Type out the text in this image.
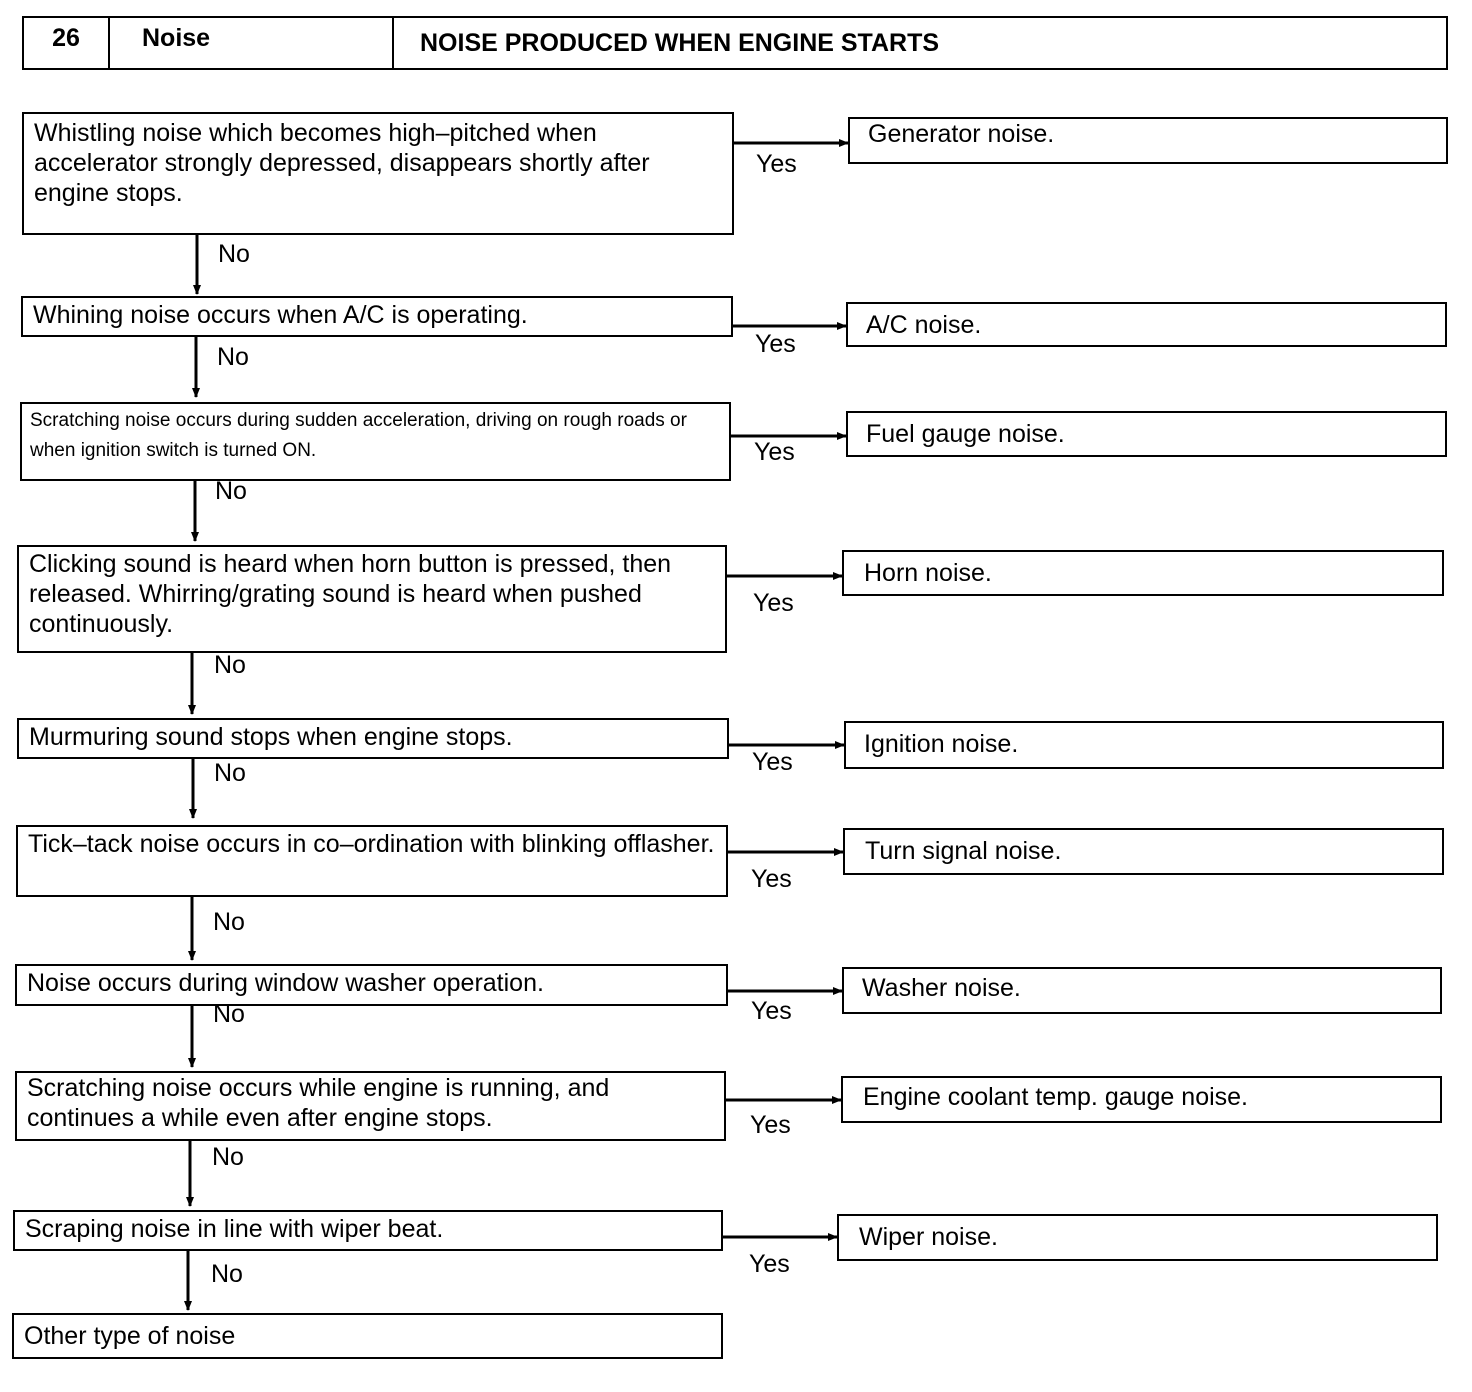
26	Noise	NOISE PRODUCED WHEN ENGINE STARTS
Whistling noise which becomes high–pitched when accelerator strongly depressed, disappears shortly after engine stops.
Whining noise occurs when A/C is operating.
Scratching noise occurs during sudden acceleration, driving on rough roads or when ignition switch is turned ON.
Clicking sound is heard when horn button is pressed, then released. Whirring/grating sound is heard when pushed continuously.
Murmuring sound stops when engine stops.
Tick–tack noise occurs in co–ordination with blinking offlasher.
Noise occurs during window washer operation.
Scratching noise occurs while engine is running, and continues a while even after engine stops.
Scraping noise in line with wiper beat.
Other type of noise
Generator noise.
A/C noise.
Fuel gauge noise.
Horn noise.
Ignition noise.
Turn signal noise.
Washer noise.
Engine coolant temp. gauge noise.
Wiper noise.
No
No
No
No
No
No
No
No
No
Yes
Yes
Yes
Yes
Yes
Yes
Yes
Yes
Yes
